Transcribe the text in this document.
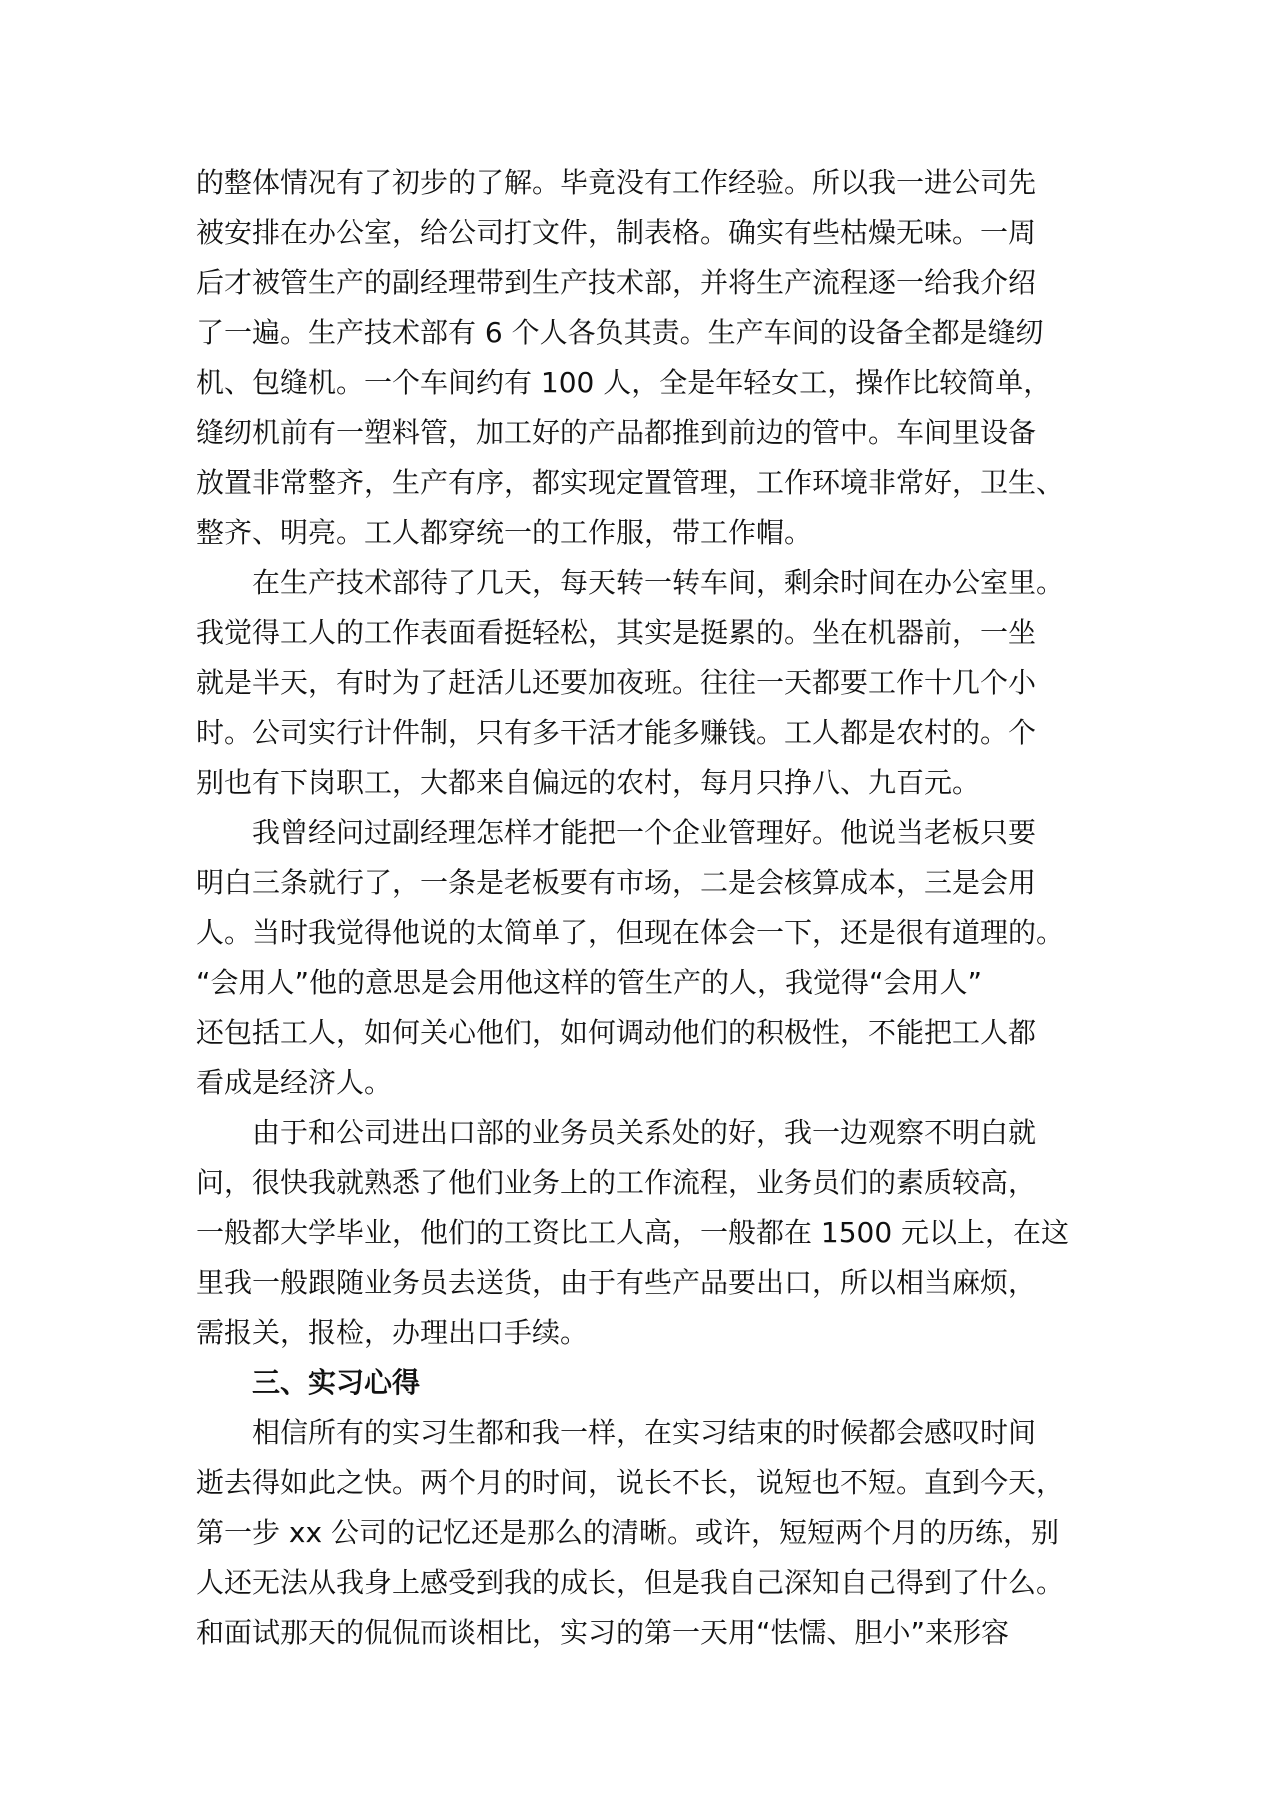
的整体情况有了初步的了解。毕竟没有工作经验。所以我一进公司先
被安排在办公室，给公司打文件，制表格。确实有些枯燥无味。一周
后才被管生产的副经理带到生产技术部，并将生产流程逐一给我介绍
了一遍。生产技术部有 6 个人各负其责。生产车间的设备全都是缝纫
机、包缝机。一个车间约有 100 人，全是年轻女工，操作比较简单，
缝纫机前有一塑料管，加工好的产品都推到前边的管中。车间里设备
放置非常整齐，生产有序，都实现定置管理，工作环境非常好，卫生、
整齐、明亮。工人都穿统一的工作服，带工作帽。
在生产技术部待了几天，每天转一转车间，剩余时间在办公室里。
我觉得工人的工作表面看挺轻松，其实是挺累的。坐在机器前，一坐
就是半天，有时为了赶活儿还要加夜班。往往一天都要工作十几个小
时。公司实行计件制，只有多干活才能多赚钱。工人都是农村的。个
别也有下岗职工，大都来自偏远的农村，每月只挣八、九百元。
我曾经问过副经理怎样才能把一个企业管理好。他说当老板只要
明白三条就行了，一条是老板要有市场，二是会核算成本，三是会用
人。当时我觉得他说的太简单了，但现在体会一下，还是很有道理的。
“会用人”他的意思是会用他这样的管生产的人，我觉得“会用人”
还包括工人，如何关心他们，如何调动他们的积极性，不能把工人都
看成是经济人。
由于和公司进出口部的业务员关系处的好，我一边观察不明白就
问，很快我就熟悉了他们业务上的工作流程，业务员们的素质较高，
一般都大学毕业，他们的工资比工人高，一般都在 1500 元以上，在这
里我一般跟随业务员去送货，由于有些产品要出口，所以相当麻烦，
需报关，报检，办理出口手续。
三、实习心得
相信所有的实习生都和我一样，在实习结束的时候都会感叹时间
逝去得如此之快。两个月的时间，说长不长，说短也不短。直到今天，
第一步 xx 公司的记忆还是那么的清晰。或许，短短两个月的历练，别
人还无法从我身上感受到我的成长，但是我自己深知自己得到了什么。
和面试那天的侃侃而谈相比，实习的第一天用“怯懦、胆小”来形容
